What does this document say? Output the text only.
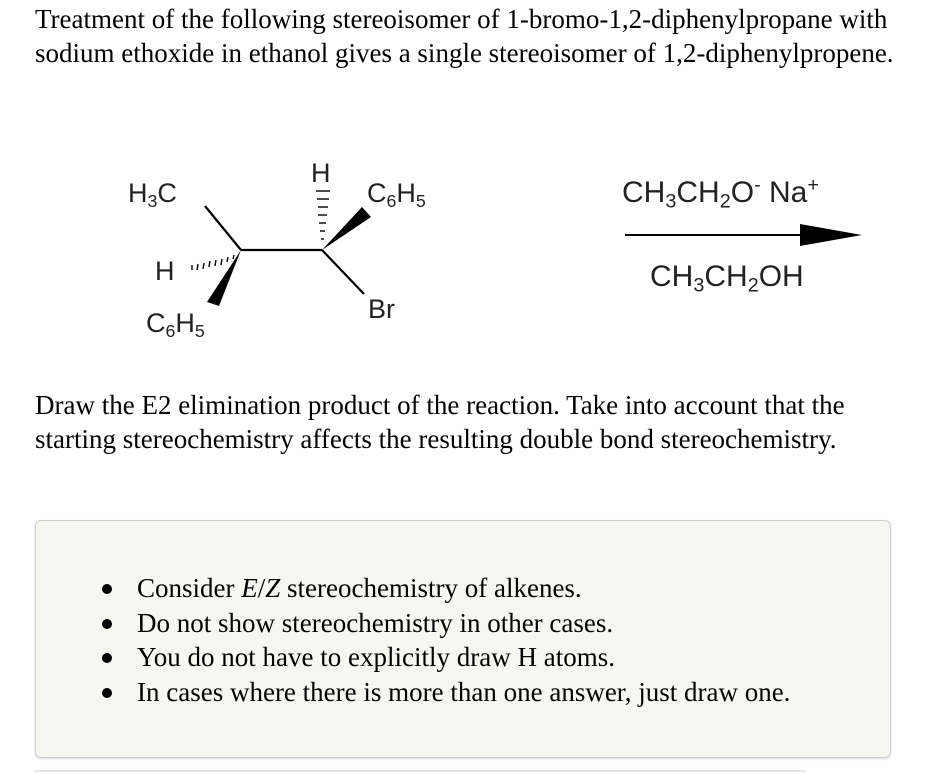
Treatment of the following stereoisomer of 1-bromo-1,2-diphenylpropane with sodium ethoxide in ethanol gives a single stereoisomer of 1,2-diphenylpropene.

$H_3C$
H
$C_6H_5$
H
$C_6H_5$
Br
$CH_3CH_2O^-$ Na+
$CH_3CH_2OH$

Draw the E2 elimination product of the reaction. Take into account that the starting stereochemistry affects the resulting double bond stereochemistry.

Consider E/Z stereochemistry of alkenes.
Do not show stereochemistry in other cases.
You do not have to explicitly draw H atoms.
In cases where there is more than one answer, just draw one.
